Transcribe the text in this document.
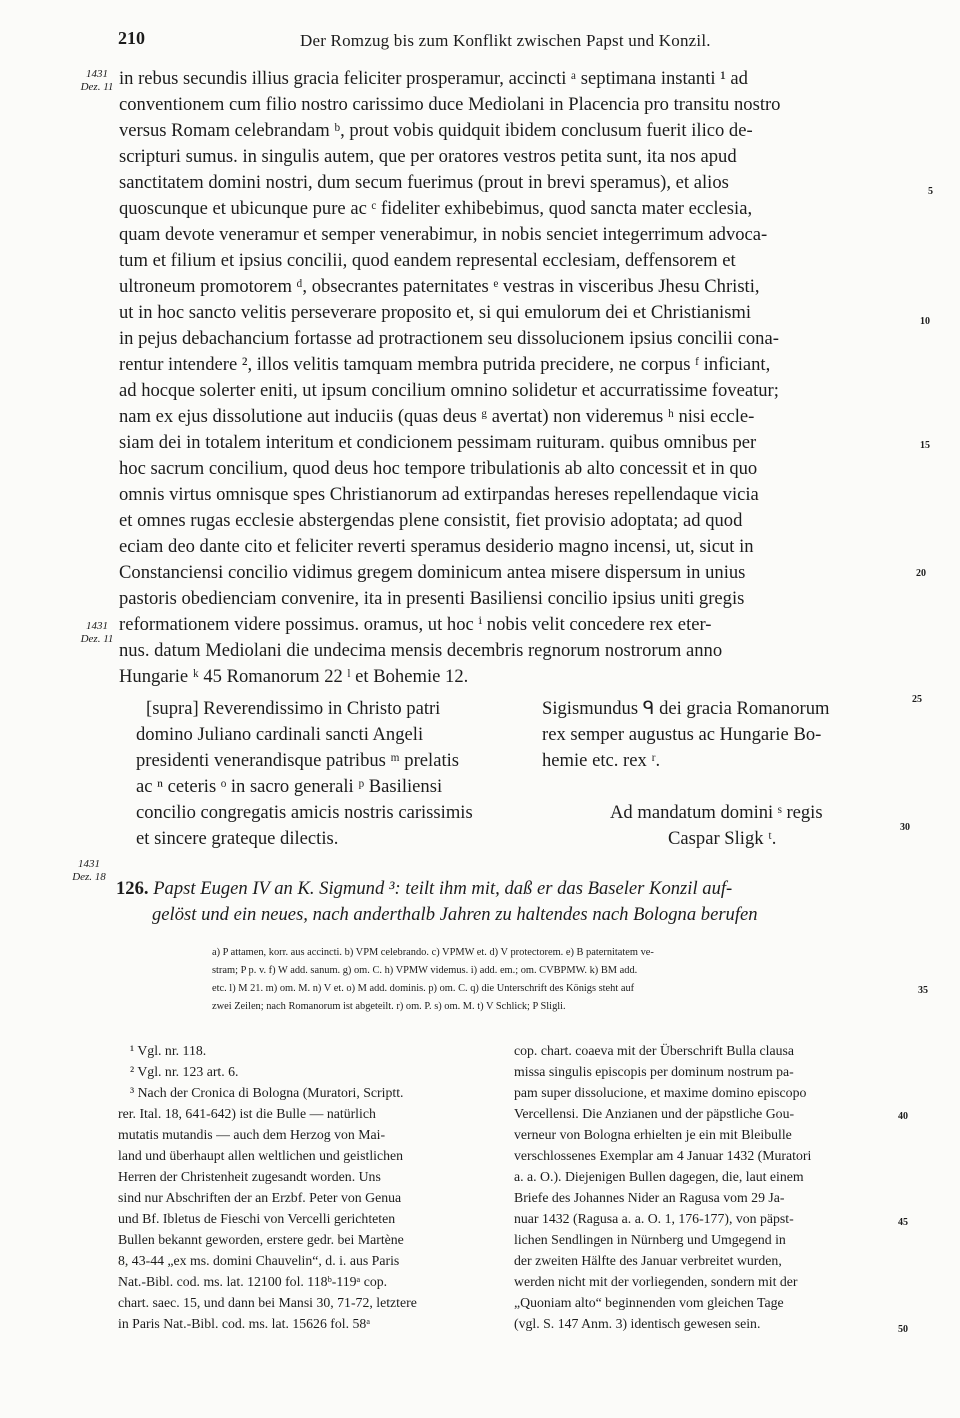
210	Der Romzug bis zum Konflikt zwischen Papst und Konzil.
1431
Dez. 11
1431
Dez. 11
1431
Dez. 18
in rebus secundis illius gracia feliciter prosperamur, accincti ᵃ septimana instanti ¹ ad
conventionem cum filio nostro carissimo duce Mediolani in Placencia pro transitu nostro
versus Romam celebrandam ᵇ, prout vobis quidquit ibidem conclusum fuerit ilico de-
scripturi sumus. in singulis autem, que per oratores vestros petita sunt, ita nos apud
sanctitatem domini nostri, dum secum fuerimus (prout in brevi speramus), et alios
quoscunque et ubicunque pure ac ᶜ fideliter exhibebimus, quod sancta mater ecclesia,
quam devote veneramur et semper venerabimur, in nobis senciet integerrimum advoca-
tum et filium et ipsius concilii, quod eandem represental ecclesiam, deffensorem et
ultroneum promotorem ᵈ, obsecrantes paternitates ᵉ vestras in visceribus Jhesu Christi,
ut in hoc sancto velitis perseverare proposito et, si qui emulorum dei et Christianismi
in pejus debachancium fortasse ad protractionem seu dissolucionem ipsius concilii cona-
rentur intendere ², illos velitis tamquam membra putrida precidere, ne corpus ᶠ inficiant,
ad hocque solerter eniti, ut ipsum concilium omnino solidetur et accurratissime foveatur;
nam ex ejus dissolutione aut induciis (quas deus ᵍ avertat) non videremus ʰ nisi eccle-
siam dei in totalem interitum et condicionem pessimam ruituram. quibus omnibus per
hoc sacrum concilium, quod deus hoc tempore tribulationis ab alto concessit et in quo
omnis virtus omnisque spes Christianorum ad extirpandas hereses repellendaque vicia
et omnes rugas ecclesie abstergendas plene consistit, fiet provisio adoptata; ad quod
eciam deo dante cito et feliciter reverti speramus desiderio magno incensi, ut, sicut in
Constanciensi concilio vidimus gregem dominicum antea misere dispersum in unius
pastoris obedienciam convenire, ita in presenti Basiliensi concilio ipsius uniti gregis
reformationem videre possimus. oramus, ut hoc ⁱ nobis velit concedere rex eter-
nus. datum Mediolani die undecima mensis decembris regnorum nostrorum anno
Hungarie ᵏ 45 Romanorum 22 ˡ et Bohemie 12.
[supra] Reverendissimo in Christo patri
domino Juliano cardinali sancti Angeli
presidenti venerandisque patribus ᵐ prelatis
ac ⁿ ceteris ᵒ in sacro generali ᵖ Basiliensi
concilio congregatis amicis nostris carissimis
et sincere grateque dilectis.
Sigismundus ᑫ dei gracia Romanorum
rex semper augustus ac Hungarie Bo-
hemie etc. rex ʳ.
Ad mandatum domini ˢ regis
Caspar Sligk ᵗ.
126. Papst Eugen IV an K. Sigmund ³: teilt ihm mit, daß er das Baseler Konzil auf-
gelöst und ein neues, nach anderthalb Jahren zu haltendes nach Bologna berufen
a) P attamen, korr. aus accincti. b) VPM celebrando. c) VPMW et. d) V protectorem. e) B paternitatem ve-
stram; P p. v. f) W add. sanum. g) om. C. h) VPMW videmus. i) add. em.; om. CVBPMW. k) BM add.
etc. l) M 21. m) om. M. n) V et. o) M add. dominis. p) om. C. q) die Unterschrift des Königs steht auf
zwei Zeilen; nach Romanorum ist abgeteilt. r) om. P. s) om. M. t) V Schlick; P Sligli.
¹ Vgl. nr. 118.
² Vgl. nr. 123 art. 6.
³ Nach der Cronica di Bologna (Muratori, Scriptt.
rer. Ital. 18, 641-642) ist die Bulle — natürlich
mutatis mutandis — auch dem Herzog von Mai-
land und überhaupt allen weltlichen und geistlichen
Herren der Christenheit zugesandt worden. Uns
sind nur Abschriften der an Erzbf. Peter von Genua
und Bf. Ibletus de Fieschi von Vercelli gerichteten
Bullen bekannt geworden, erstere gedr. bei Martène
8, 43-44 „ex ms. domini Chauvelin“, d. i. aus Paris
Nat.-Bibl. cod. ms. lat. 12100 fol. 118ᵇ-119ᵃ cop.
chart. saec. 15, und dann bei Mansi 30, 71-72, letztere
in Paris Nat.-Bibl. cod. ms. lat. 15626 fol. 58ᵃ
cop. chart. coaeva mit der Überschrift Bulla clausa
missa singulis episcopis per dominum nostrum pa-
pam super dissolucione, et maxime domino episcopo
Vercellensi. Die Anzianen und der päpstliche Gou-
verneur von Bologna erhielten je ein mit Bleibulle
verschlossenes Exemplar am 4 Januar 1432 (Muratori
a. a. O.). Diejenigen Bullen dagegen, die, laut einem
Briefe des Johannes Nider an Ragusa vom 29 Ja-
nuar 1432 (Ragusa a. a. O. 1, 176-177), von päpst-
lichen Sendlingen in Nürnberg und Umgegend in
der zweiten Hälfte des Januar verbreitet wurden,
werden nicht mit der vorliegenden, sondern mit der
„Quoniam alto“ beginnenden vom gleichen Tage
(vgl. S. 147 Anm. 3) identisch gewesen sein.
5
10
15
20
25
30
35
40
45
50
